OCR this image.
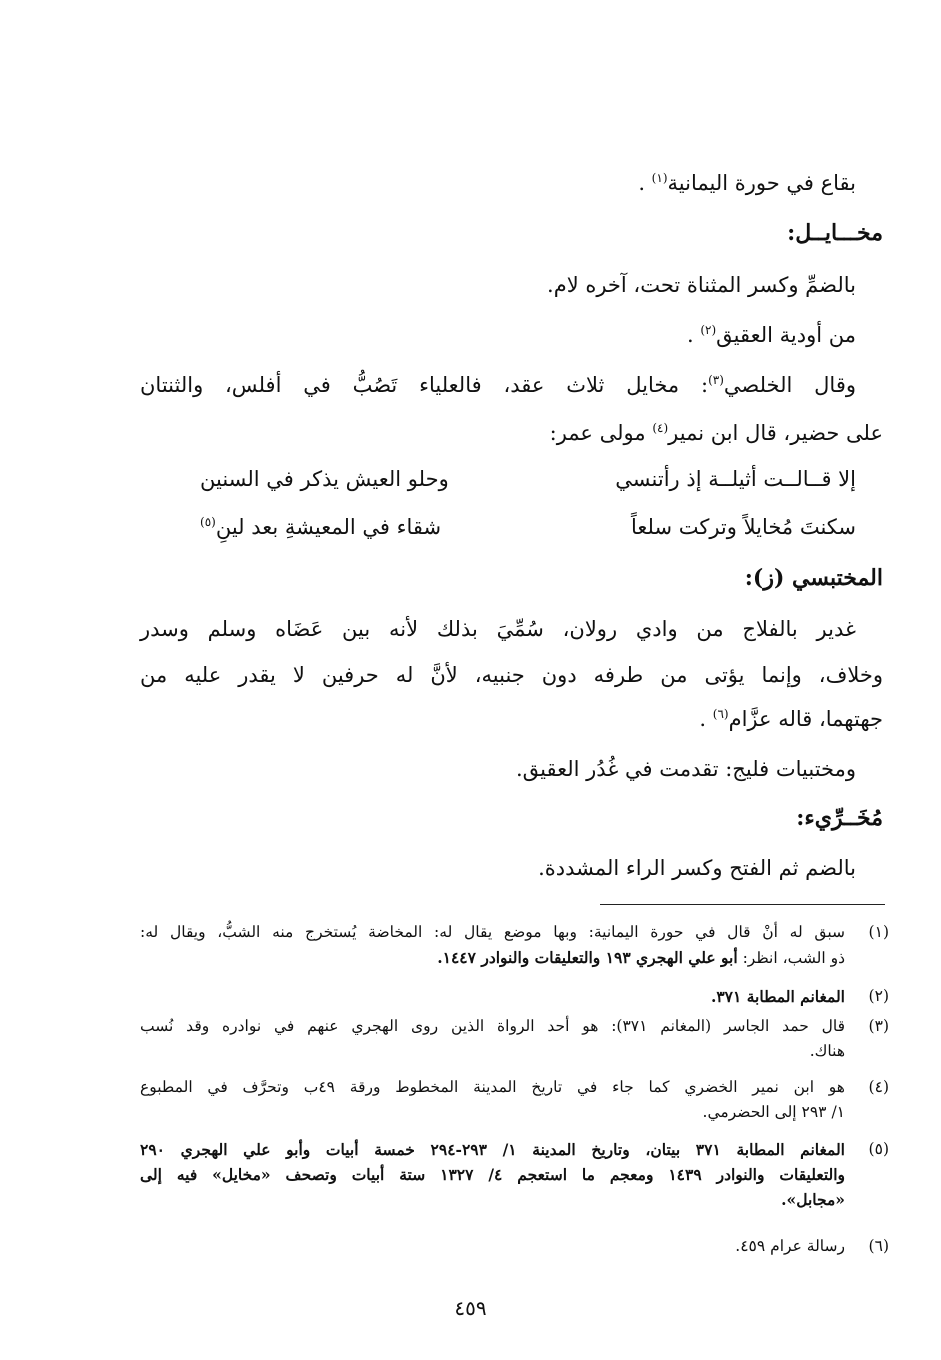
بقاع في حورة اليمانية$^{(١)}$ .
مخـــايــل:
بالضمِّ وكسر المثناة تحت، آخره لام.
من أودية العقيق$^{(٢)}$ .
وقال الخلصي$^{(٣)}$: مخايل ثلاث عقد، فالعلياء تَصُبُّ في أفلس، والثنتان
على حضير، قال ابن نمير$^{(٤)}$ مولى عمر:
إلا قــالــت أثيلــة إذ رأتنسي
وحلو العيش يذكر في السنين
سكنتَ مُخايلاً وتركت سلعاً
شقاء في المعيشةِ بعد لينِ$^{(٥)}$
المختبسي (ز):
غدير بالفلاج من وادي رولان، سُمِّيَ بذلك لأنه بين عَضَاه وسلم وسدر
وخلاف، وإنما يؤتى من طرفه دون جنبيه، لأنَّ له حرفين لا يقدر عليه من
جهتهما، قاله عزَّام$^{(٦)}$ .
ومختبيات فليج: تقدمت في غُدُر العقيق.
مُخَــرِّيء:
بالضم ثم الفتح وكسر الراء المشددة.
(١)
سبق له أنْ قال في حورة اليمانية: وبها موضع يقال له: المخاضة يُستخرج منه الشبُّ، ويقال له:
ذو الشب، انظر: أبو علي الهجري ١٩٣ والتعليقات والنوادر ١٤٤٧.
(٢)
المغانم المطابة ٣٧١.
(٣)
قال حمد الجاسر (المغانم ٣٧١): هو أحد الرواة الذين روى الهجري عنهم في نوادره وقد نُسب
هناك.
(٤)
هو ابن نمير الخضري كما جاء في تاريخ المدينة المخطوط ورقة ٤٩ب وتحرَّف في المطبوع
١/ ٢٩٣ إلى الحضرمي.
(٥)
المغانم المطابة ٣٧١ بيتان، وتاريخ المدينة ١/ ٢٩٣-٢٩٤ خمسة أبيات وأبو علي الهجري ٢٩٠
والتعليقات والنوادر ١٤٣٩ ومعجم ما استعجم ٤/ ١٣٢٧ ستة أبيات وتصحف «مخايل» فيه إلى
«مجابل».
(٦)
رسالة عرام ٤٥٩.
٤٥٩
